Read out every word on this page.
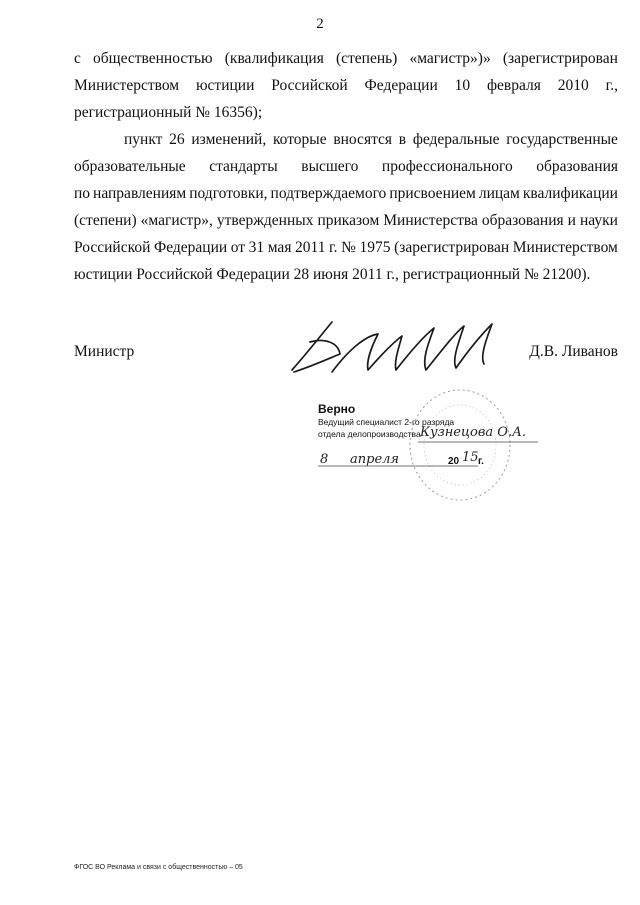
2
с общественностью (квалификация (степень) «магистр»)» (зарегистрирован
Министерством юстиции Российской Федерации 10 февраля 2010 г.,
регистрационный № 16356);
пункт 26 изменений, которые вносятся в федеральные государственные
образовательные стандарты высшего профессионального образования
по направлениям подготовки, подтверждаемого присвоением лицам квалификации
(степени) «магистр», утвержденных приказом Министерства образования и науки
Российской Федерации от 31 мая 2011 г. № 1975 (зарегистрирован Министерством
юстиции Российской Федерации 28 июня 2011 г., регистрационный № 21200).
Министр	Д.В. Ливанов
Верно
Ведущий специалист 2-го разряда
отдела делопроизводства Кузнецова О.А.
8 апреля	20 15 г.
ФГОС ВО Реклама и связи с общественностью – 05
